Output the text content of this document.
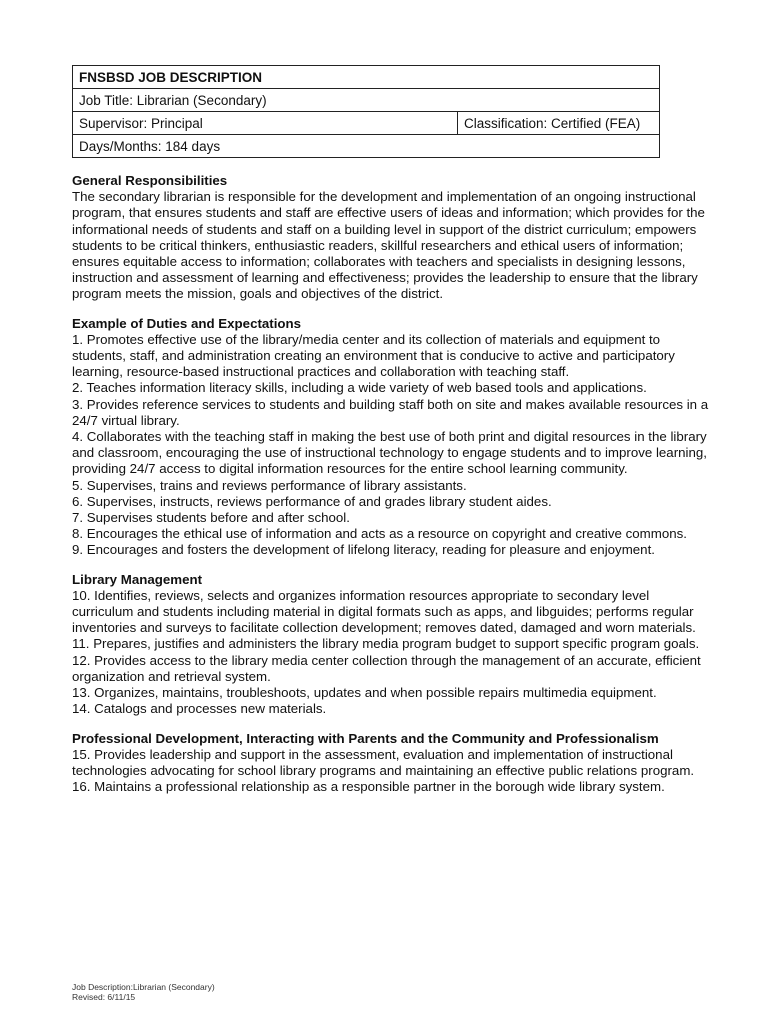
FNSBSD JOB DESCRIPTION
Job Title: Librarian (Secondary)
Supervisor: Principal	Classification: Certified (FEA)
Days/Months: 184 days

General Responsibilities

The secondary librarian is responsible for the development and implementation of an ongoing instructional program, that ensures students and staff are effective users of ideas and information; which provides for the informational needs of students and staff on a building level in support of the district curriculum; empowers students to be critical thinkers, enthusiastic readers, skillful researchers and ethical users of information; ensures equitable access to information; collaborates with teachers and specialists in designing lessons, instruction and assessment of learning and effectiveness; provides the leadership to ensure that the library program meets the mission, goals and objectives of the district.

Example of Duties and Expectations

1. Promotes effective use of the library/media center and its collection of materials and equipment to students, staff, and administration creating an environment that is conducive to active and participatory learning, resource-based instructional practices and collaboration with teaching staff.

2. Teaches information literacy skills, including a wide variety of web based tools and applications.

3. Provides reference services to students and building staff both on site and makes available resources in a 24/7 virtual library.

4. Collaborates with the teaching staff in making the best use of both print and digital resources in the library and classroom, encouraging the use of instructional technology to engage students and to improve learning, providing 24/7 access to digital information resources for the entire school learning community.

5. Supervises, trains and reviews performance of library assistants.

6. Supervises, instructs, reviews performance of and grades library student aides.

7. Supervises students before and after school.

8. Encourages the ethical use of information and acts as a resource on copyright and creative commons.

9. Encourages and fosters the development of lifelong literacy, reading for pleasure and enjoyment.

Library Management

10. Identifies, reviews, selects and organizes information resources appropriate to secondary level curriculum and students including material in digital formats such as apps, and libguides; performs regular inventories and surveys to facilitate collection development; removes dated, damaged and worn materials.

11. Prepares, justifies and administers the library media program budget to support specific program goals.

12. Provides access to the library media center collection through the management of an accurate, efficient organization and retrieval system.

13. Organizes, maintains, troubleshoots, updates and when possible repairs multimedia equipment.

14. Catalogs and processes new materials.

Professional Development, Interacting with Parents and the Community and Professionalism

15. Provides leadership and support in the assessment, evaluation and implementation of instructional technologies advocating for school library programs and maintaining an effective public relations program.

16. Maintains a professional relationship as a responsible partner in the borough wide library system.

Job Description:Librarian (Secondary)
Revised: 6/11/15
